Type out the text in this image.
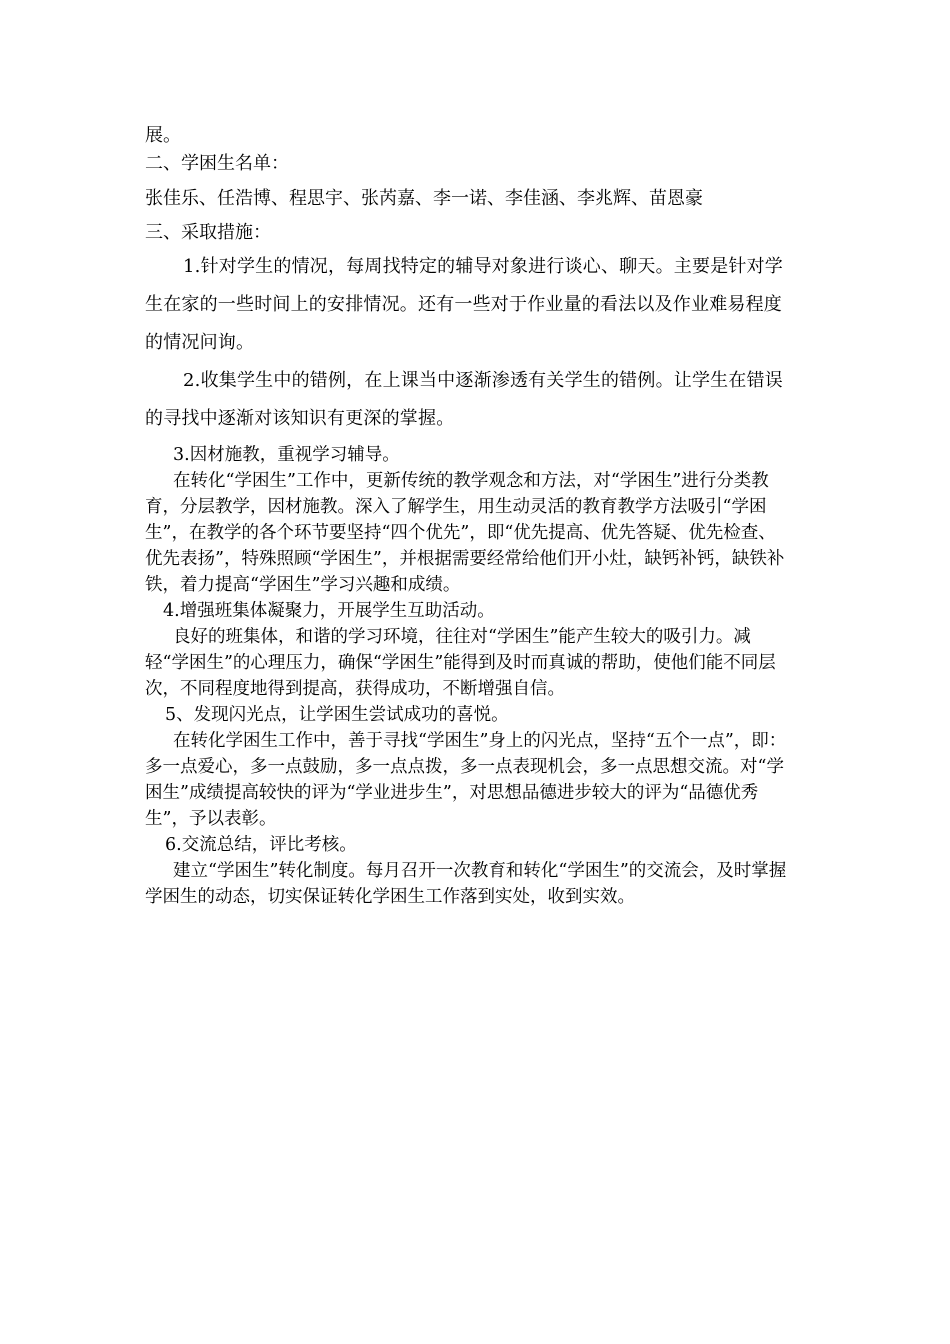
展。

二、学困生名单：

张佳乐、任浩博、程思宇、张芮嘉、李一诺、李佳涵、李兆辉、苗恩豪

三、采取措施：

1.针对学生的情况，每周找特定的辅导对象进行谈心、聊天。主要是针对学生在家的一些时间上的安排情况。还有一些对于作业量的看法以及作业难易程度的情况问询。

2.收集学生中的错例，在上课当中逐渐渗透有关学生的错例。让学生在错误的寻找中逐渐对该知识有更深的掌握。

3.因材施教，重视学习辅导。

在转化“学困生”工作中，更新传统的教学观念和方法，对“学困生”进行分类教育，分层教学，因材施教。深入了解学生，用生动灵活的教育教学方法吸引“学困生”，在教学的各个环节要坚持“四个优先”，即“优先提高、优先答疑、优先检查、优先表扬”，特殊照顾“学困生”，并根据需要经常给他们开小灶，缺钙补钙，缺铁补铁，着力提高“学困生”学习兴趣和成绩。

4.增强班集体凝聚力，开展学生互助活动。

良好的班集体，和谐的学习环境，往往对“学困生”能产生较大的吸引力。减轻“学困生”的心理压力，确保“学困生”能得到及时而真诚的帮助，使他们能不同层次，不同程度地得到提高，获得成功，不断增强自信。

5、发现闪光点，让学困生尝试成功的喜悦。

在转化学困生工作中，善于寻找“学困生”身上的闪光点，坚持“五个一点”，即：多一点爱心，多一点鼓励，多一点点拨，多一点表现机会，多一点思想交流。对“学困生”成绩提高较快的评为“学业进步生”，对思想品德进步较大的评为“品德优秀生”，予以表彰。

6.交流总结，评比考核。

建立“学困生”转化制度。每月召开一次教育和转化“学困生”的交流会，及时掌握学困生的动态，切实保证转化学困生工作落到实处，收到实效。
